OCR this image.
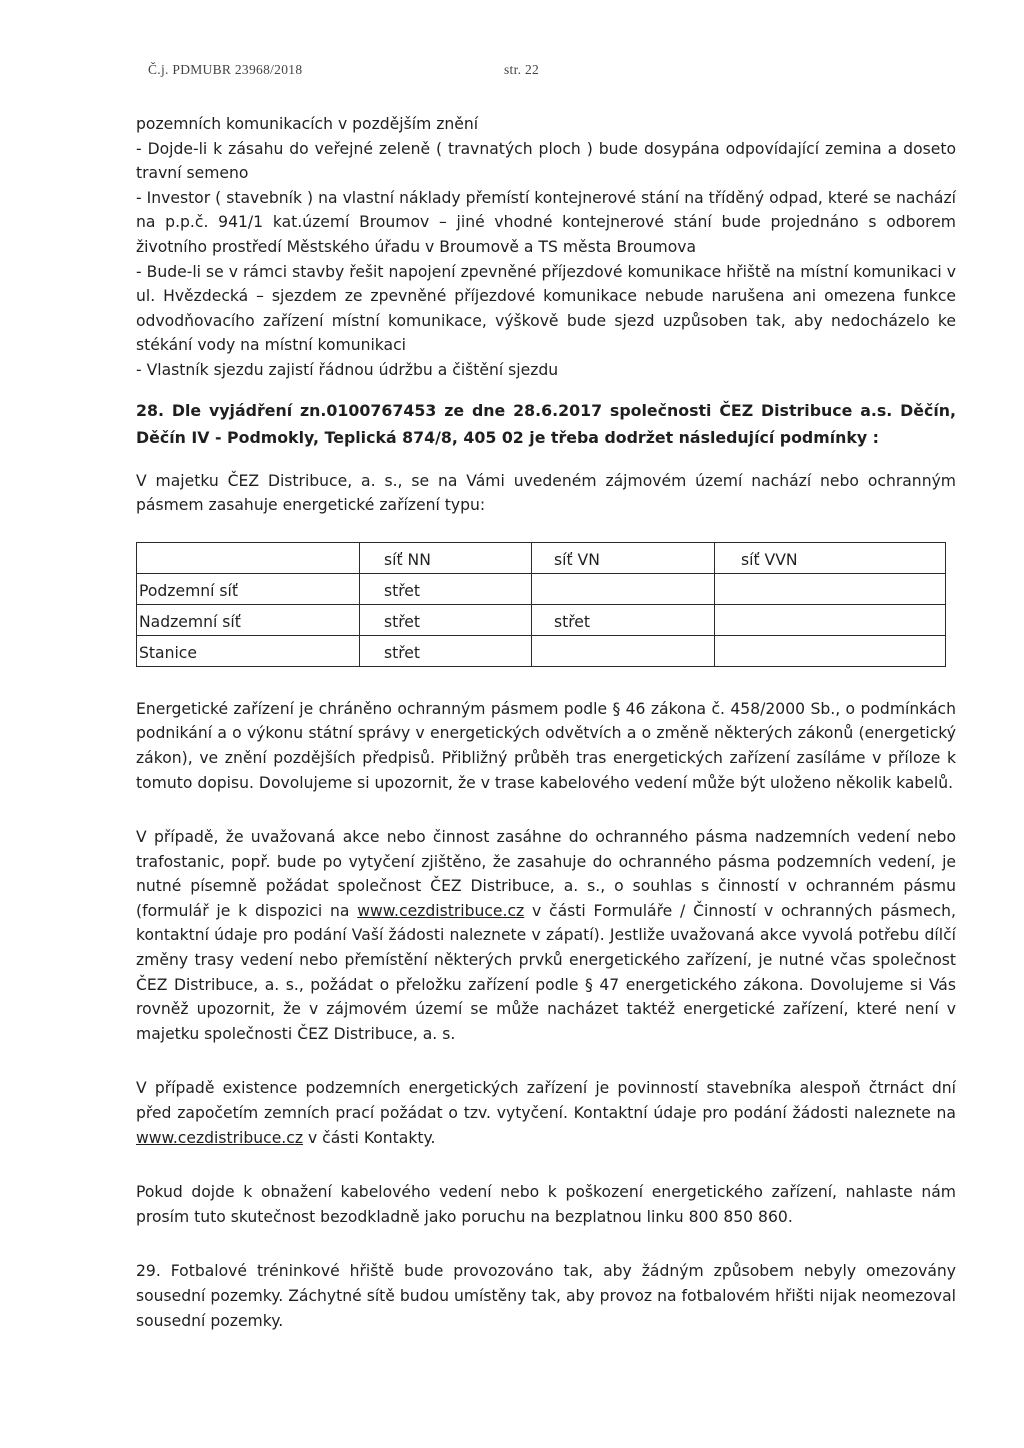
Č.j. PDMUBR 23968/2018	str. 22

pozemních komunikacích v pozdějším znění

- Dojde-li k zásahu do veřejné zeleně ( travnatých ploch ) bude dosypána odpovídající zemina a doseto travní semeno

- Investor ( stavebník ) na vlastní náklady přemístí kontejnerové stání na tříděný odpad, které se nachází na p.p.č. 941/1 kat.území Broumov – jiné vhodné kontejnerové stání bude projednáno s odborem životního prostředí Městského úřadu v Broumově a TS města Broumova

- Bude-li se v rámci stavby řešit napojení zpevněné příjezdové komunikace hřiště na místní komunikaci v ul. Hvězdecká – sjezdem ze zpevněné příjezdové komunikace nebude narušena ani omezena funkce odvodňovacího zařízení místní komunikace, výškově bude sjezd uzpůsoben tak, aby nedocházelo ke stékání vody na místní komunikaci

- Vlastník sjezdu zajistí řádnou údržbu a čištění sjezdu

28. Dle vyjádření zn.0100767453 ze dne 28.6.2017 společnosti ČEZ Distribuce a.s. Děčín, Děčín IV - Podmokly, Teplická 874/8, 405 02 je třeba dodržet následující podmínky :

V majetku ČEZ Distribuce, a. s., se na Vámi uvedeném zájmovém území nachází nebo ochranným pásmem zasahuje energetické zařízení typu:

	síť NN	síť VN	síť VVN
Podzemní síť	střet		
Nadzemní síť	střet	střet	
Stanice	střet		

Energetické zařízení je chráněno ochranným pásmem podle § 46 zákona č. 458/2000 Sb., o podmínkách podnikání a o výkonu státní správy v energetických odvětvích a o změně některých zákonů (energetický zákon), ve znění pozdějších předpisů. Přibližný průběh tras energetických zařízení zasíláme v příloze k tomuto dopisu. Dovolujeme si upozornit, že v trase kabelového vedení může být uloženo několik kabelů.

V případě, že uvažovaná akce nebo činnost zasáhne do ochranného pásma nadzemních vedení nebo trafostanic, popř. bude po vytyčení zjištěno, že zasahuje do ochranného pásma podzemních vedení, je nutné písemně požádat společnost ČEZ Distribuce, a. s., o souhlas s činností v ochranném pásmu (formulář je k dispozici na www.cezdistribuce.cz v části Formuláře / Činností v ochranných pásmech, kontaktní údaje pro podání Vaší žádosti naleznete v zápatí). Jestliže uvažovaná akce vyvolá potřebu dílčí změny trasy vedení nebo přemístění některých prvků energetického zařízení, je nutné včas společnost ČEZ Distribuce, a. s., požádat o přeložku zařízení podle § 47 energetického zákona. Dovolujeme si Vás rovněž upozornit, že v zájmovém území se může nacházet taktéž energetické zařízení, které není v majetku společnosti ČEZ Distribuce, a. s.

V případě existence podzemních energetických zařízení je povinností stavebníka alespoň čtrnáct dní před započetím zemních prací požádat o tzv. vytyčení. Kontaktní údaje pro podání žádosti naleznete na www.cezdistribuce.cz v části Kontakty.

Pokud dojde k obnažení kabelového vedení nebo k poškození energetického zařízení, nahlaste nám prosím tuto skutečnost bezodkladně jako poruchu na bezplatnou linku 800 850 860.

29. Fotbalové tréninkové hřiště bude provozováno tak, aby žádným způsobem nebyly omezovány sousední pozemky. Záchytné sítě budou umístěny tak, aby provoz na fotbalovém hřišti nijak neomezoval sousední pozemky.
